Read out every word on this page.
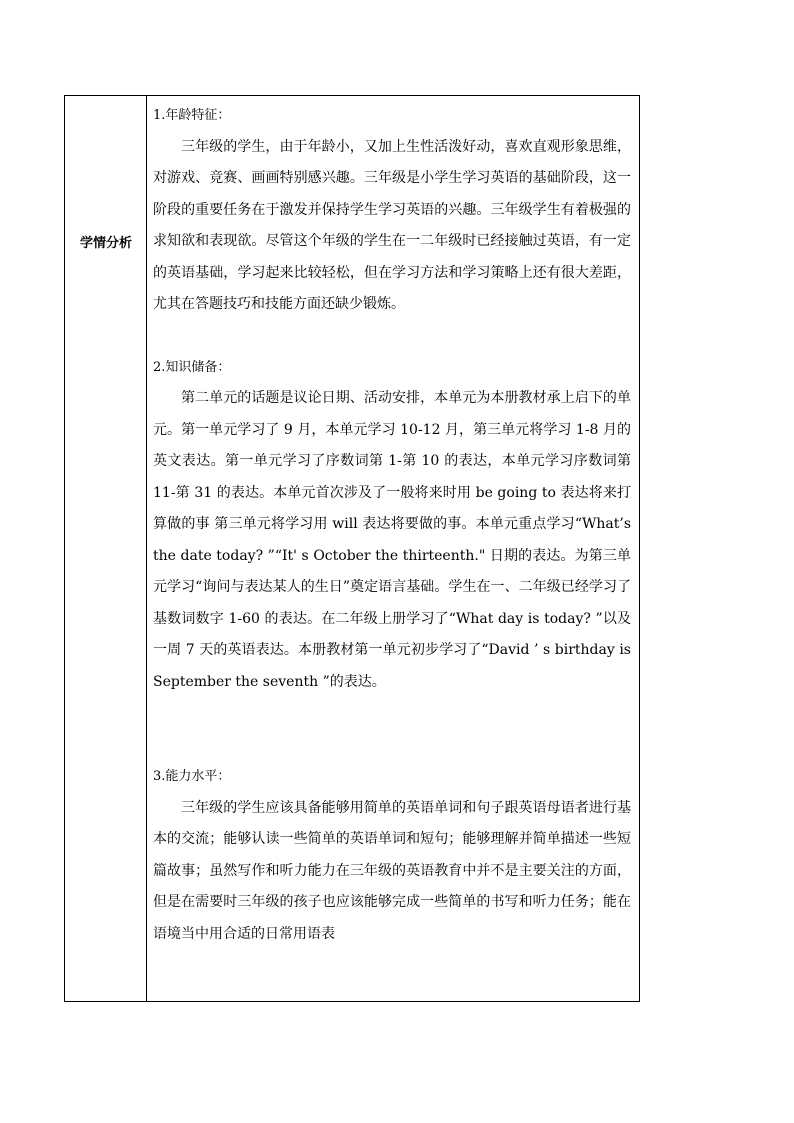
学情分析

1.年龄特征：

三年级的学生，由于年龄小，又加上生性活泼好动，喜欢直观形象思维，对游戏、竞赛、画画特别感兴趣。三年级是小学生学习英语的基础阶段，这一阶段的重要任务在于激发并保持学生学习英语的兴趣。三年级学生有着极强的求知欲和表现欲。尽管这个年级的学生在一二年级时已经接触过英语，有一定的英语基础，学习起来比较轻松，但在学习方法和学习策略上还有很大差距，尤其在答题技巧和技能方面还缺少锻炼。

2.知识储备：

第二单元的话题是议论日期、活动安排，本单元为本册教材承上启下的单元。第一单元学习了 9 月，本单元学习 10-12 月，第三单元将学习 1-8 月的英文表达。第一单元学习了序数词第 1-第 10 的表达，本单元学习序数词第 11-第 31 的表达。本单元首次涉及了一般将来时用 be going to 表达将来打算做的事 第三单元将学习用 will 表达将要做的事。本单元重点学习“What’s the date today? ”“It' s October the thirteenth." 日期的表达。为第三单元学习“询问与表达某人的生日”奠定语言基础。学生在一、二年级已经学习了基数词数字 1-60 的表达。在二年级上册学习了“What day is today? ”以及一周 7 天的英语表达。本册教材第一单元初步学习了“David ’ s birthday is September the seventh ”的表达。

3.能力水平：

三年级的学生应该具备能够用简单的英语单词和句子跟英语母语者进行基本的交流；能够认读一些简单的英语单词和短句；能够理解并简单描述一些短篇故事；虽然写作和听力能力在三年级的英语教育中并不是主要关注的方面，但是在需要时三年级的孩子也应该能够完成一些简单的书写和听力任务；能在语境当中用合适的日常用语表
